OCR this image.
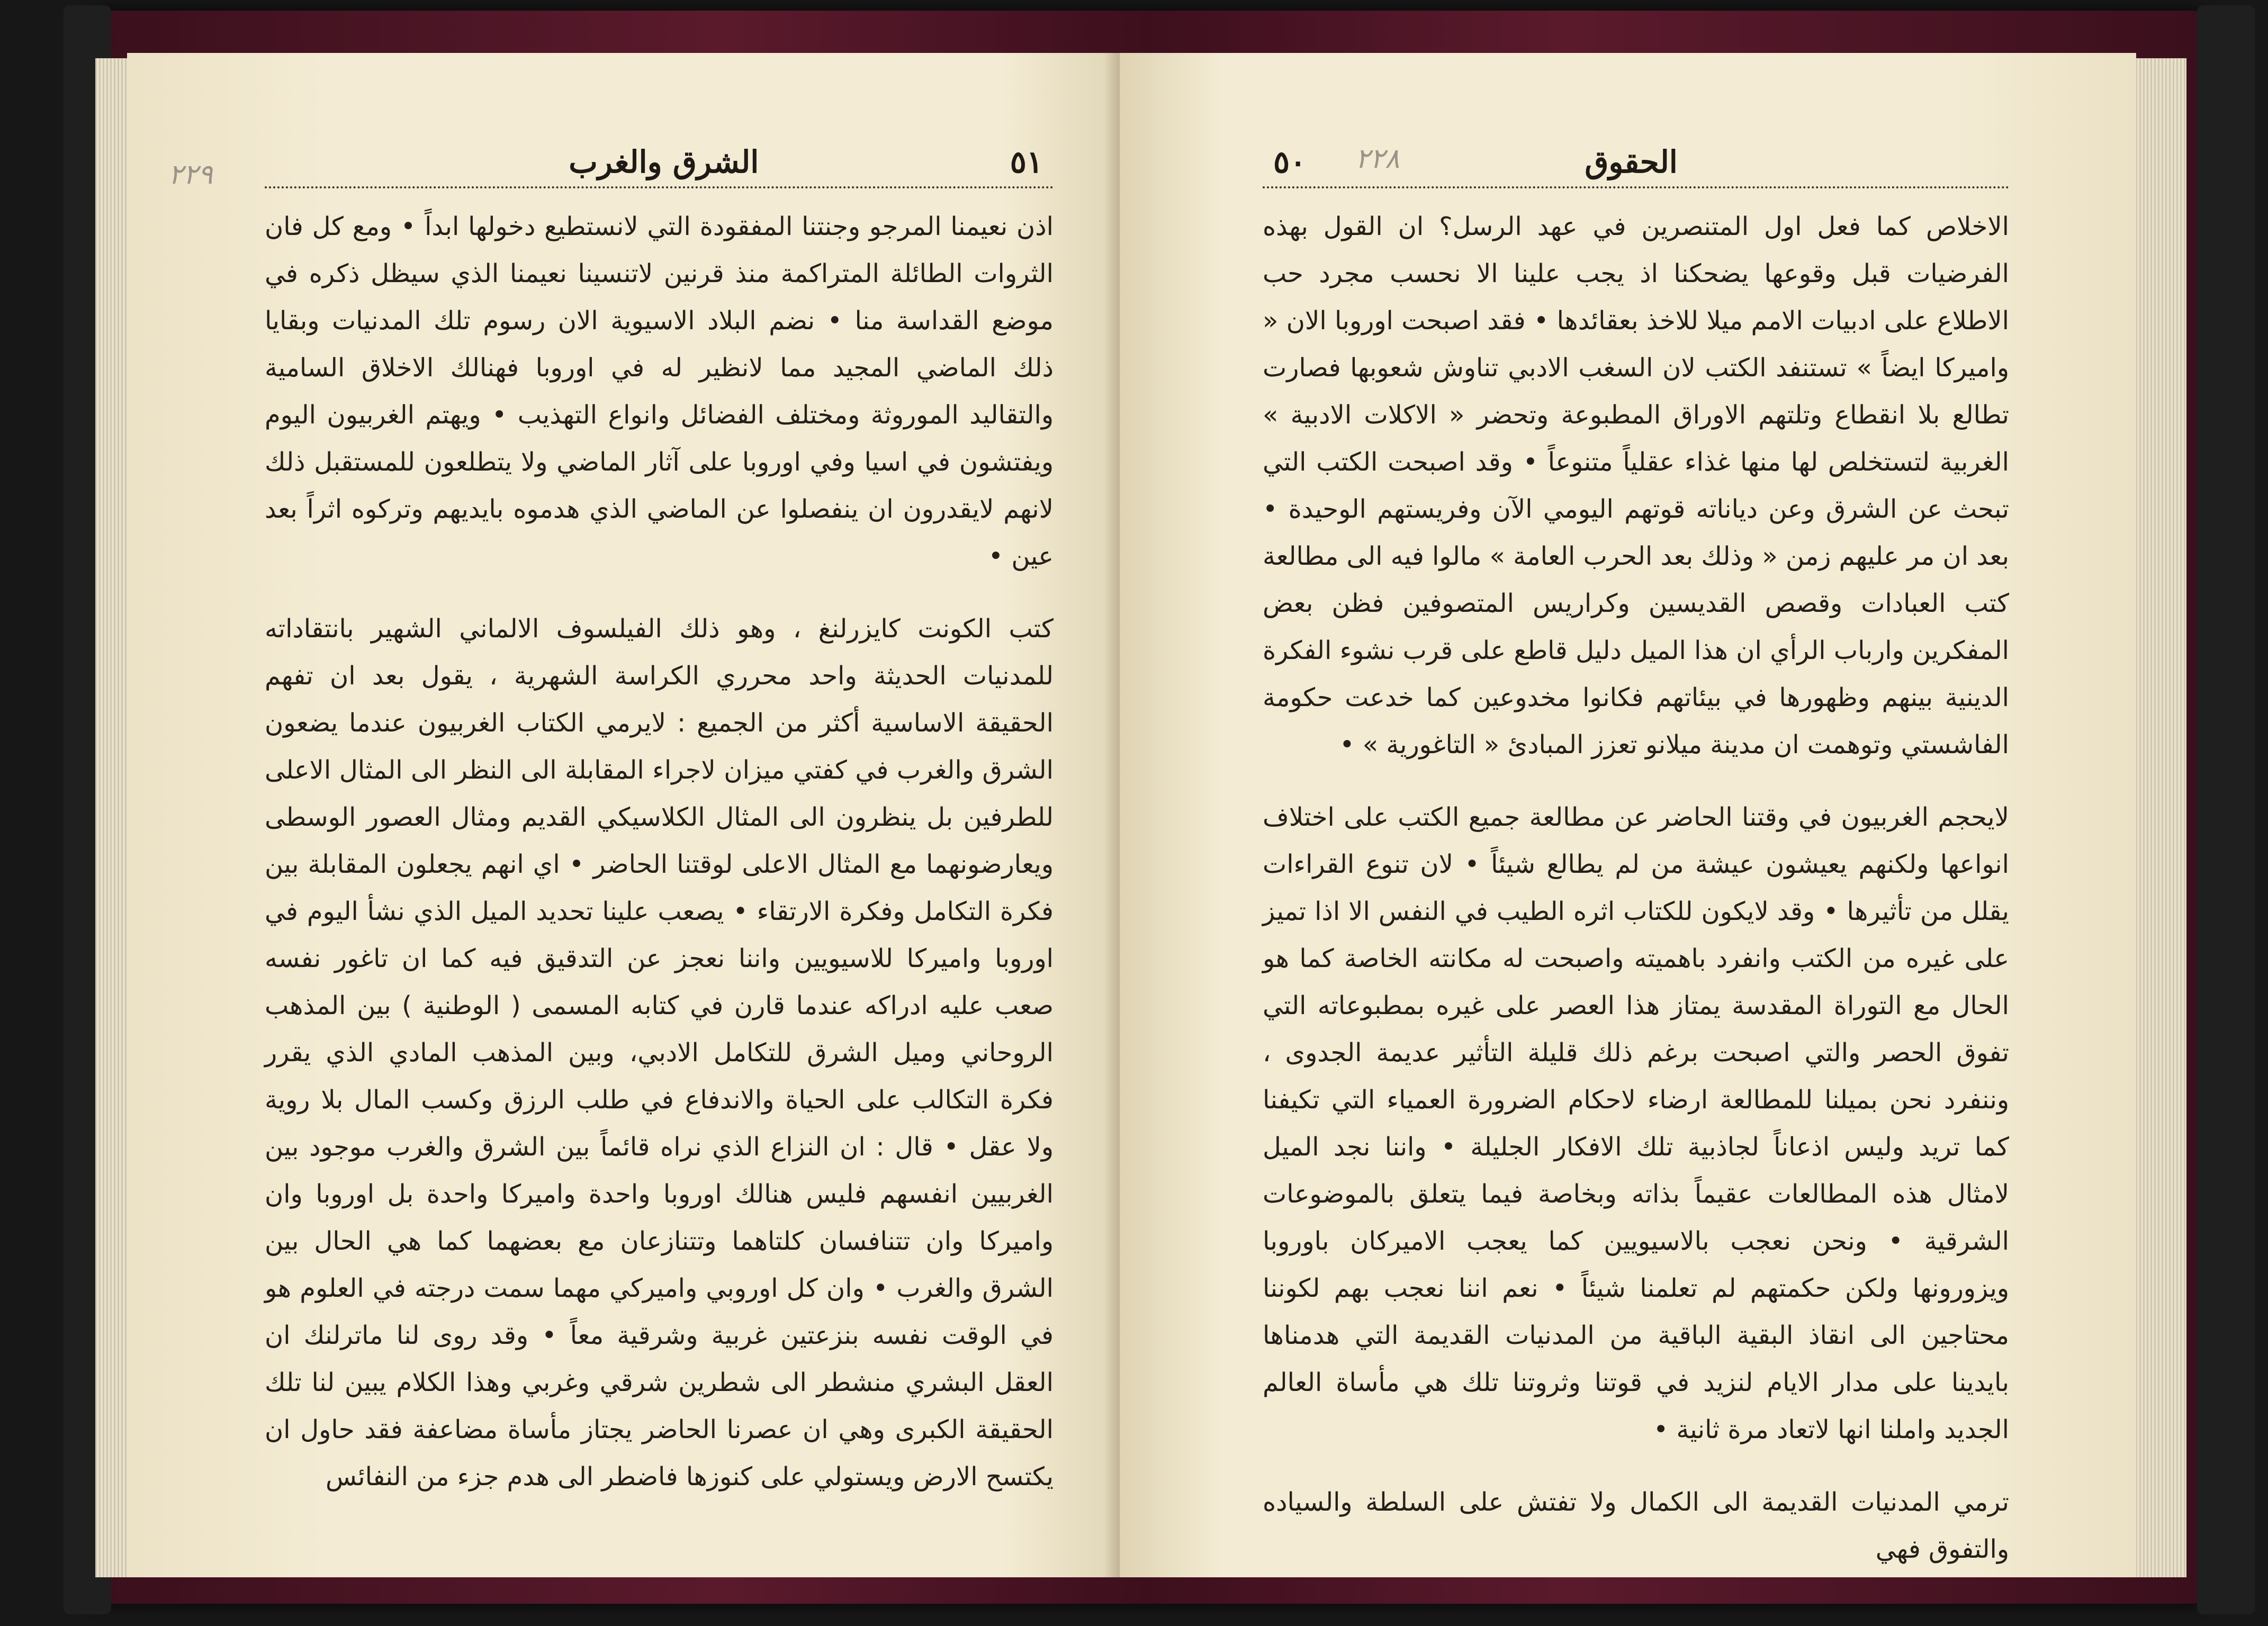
٥١
الشرق والغرب

اذن نعيمنا المرجو وجنتنا المفقودة التي لانستطيع دخولها ابداً • ومع كل فان الثروات الطائلة المتراكمة منذ قرنين لاتنسينا نعيمنا الذي سيظل ذكره في موضع القداسة منا • نضم البلاد الاسيوية الان رسوم تلك المدنيات وبقايا ذلك الماضي المجيد مما لانظير له في اوروبا فهنالك الاخلاق السامية والتقاليد الموروثة ومختلف الفضائل وانواع التهذيب • ويهتم الغربيون اليوم ويفتشون في اسيا وفي اوروبا على آثار الماضي ولا يتطلعون للمستقبل ذلك لانهم لايقدرون ان ينفصلوا عن الماضي الذي هدموه بايديهم وتركوه اثراً بعد عين •

كتب الكونت كايزرلنغ ، وهو ذلك الفيلسوف الالماني الشهير بانتقاداته للمدنيات الحديثة واحد محرري الكراسة الشهرية ، يقول بعد ان تفهم الحقيقة الاساسية أكثر من الجميع : لايرمي الكتاب الغربيون عندما يضعون الشرق والغرب في كفتي ميزان لاجراء المقابلة الى النظر الى المثال الاعلى للطرفين بل ينظرون الى المثال الكلاسيكي القديم ومثال العصور الوسطى ويعارضونهما مع المثال الاعلى لوقتنا الحاضر • اي انهم يجعلون المقابلة بين فكرة التكامل وفكرة الارتقاء • يصعب علينا تحديد الميل الذي نشأ اليوم في اوروبا واميركا للاسيويين واننا نعجز عن التدقيق فيه كما ان تاغور نفسه صعب عليه ادراكه عندما قارن في كتابه المسمى ( الوطنية ) بين المذهب الروحاني وميل الشرق للتكامل الادبي، وبين المذهب المادي الذي يقرر فكرة التكالب على الحياة والاندفاع في طلب الرزق وكسب المال بلا روية ولا عقل • قال : ان النزاع الذي نراه قائماً بين الشرق والغرب موجود بين الغربيين انفسهم فليس هنالك اوروبا واحدة واميركا واحدة بل اوروبا وان واميركا وان تتنافسان كلتاهما وتتنازعان مع بعضهما كما هي الحال بين الشرق والغرب • وان كل اوروبي واميركي مهما سمت درجته في العلوم هو في الوقت نفسه بنزعتين غربية وشرقية معاً • وقد روى لنا ماترلنك ان العقل البشري منشطر الى شطرين شرقي وغربي وهذا الكلام يبين لنا تلك الحقيقة الكبرى وهي ان عصرنا الحاضر يجتاز مأساة مضاعفة فقد حاول ان يكتسح الارض ويستولي على كنوزها فاضطر الى هدم جزء من النفائس

٢٢٩	الحقوق
٥٠

الاخلاص كما فعل اول المتنصرين في عهد الرسل؟ ان القول بهذه الفرضيات قبل وقوعها يضحكنا اذ يجب علينا الا نحسب مجرد حب الاطلاع على ادبيات الامم ميلا للاخذ بعقائدها • فقد اصبحت اوروبا الان « واميركا ايضاً » تستنفد الكتب لان السغب الادبي تناوش شعوبها فصارت تطالع بلا انقطاع وتلتهم الاوراق المطبوعة وتحضر « الاكلات الادبية » الغربية لتستخلص لها منها غذاء عقلياً متنوعاً • وقد اصبحت الكتب التي تبحث عن الشرق وعن دياناته قوتهم اليومي الآن وفريستهم الوحيدة • بعد ان مر عليهم زمن « وذلك بعد الحرب العامة » مالوا فيه الى مطالعة كتب العبادات وقصص القديسين وكراريس المتصوفين فظن بعض المفكرين وارباب الرأي ان هذا الميل دليل قاطع على قرب نشوء الفكرة الدينية بينهم وظهورها في بيئاتهم فكانوا مخدوعين كما خدعت حكومة الفاشستي وتوهمت ان مدينة ميلانو تعزز المبادئ « التاغورية » •

لايحجم الغربيون في وقتنا الحاضر عن مطالعة جميع الكتب على اختلاف انواعها ولكنهم يعيشون عيشة من لم يطالع شيئاً • لان تنوع القراءات يقلل من تأثيرها • وقد لايكون للكتاب اثره الطيب في النفس الا اذا تميز على غيره من الكتب وانفرد باهميته واصبحت له مكانته الخاصة كما هو الحال مع التوراة المقدسة يمتاز هذا العصر على غيره بمطبوعاته التي تفوق الحصر والتي اصبحت برغم ذلك قليلة التأثير عديمة الجدوى ، وننفرد نحن بميلنا للمطالعة ارضاء لاحكام الضرورة العمياء التي تكيفنا كما تريد وليس اذعاناً لجاذبية تلك الافكار الجليلة • واننا نجد الميل لامثال هذه المطالعات عقيماً بذاته وبخاصة فيما يتعلق بالموضوعات الشرقية • ونحن نعجب بالاسيويين كما يعجب الاميركان باوروبا ويزورونها ولكن حكمتهم لم تعلمنا شيئاً • نعم اننا نعجب بهم لكوننا محتاجين الى انقاذ البقية الباقية من المدنيات القديمة التي هدمناها بايدينا على مدار الايام لنزيد في قوتنا وثروتنا تلك هي مأساة العالم الجديد واملنا انها لاتعاد مرة ثانية •

ترمي المدنيات القديمة الى الكمال ولا تفتش على السلطة والسياده والتفوق فهي

٢٢٨
